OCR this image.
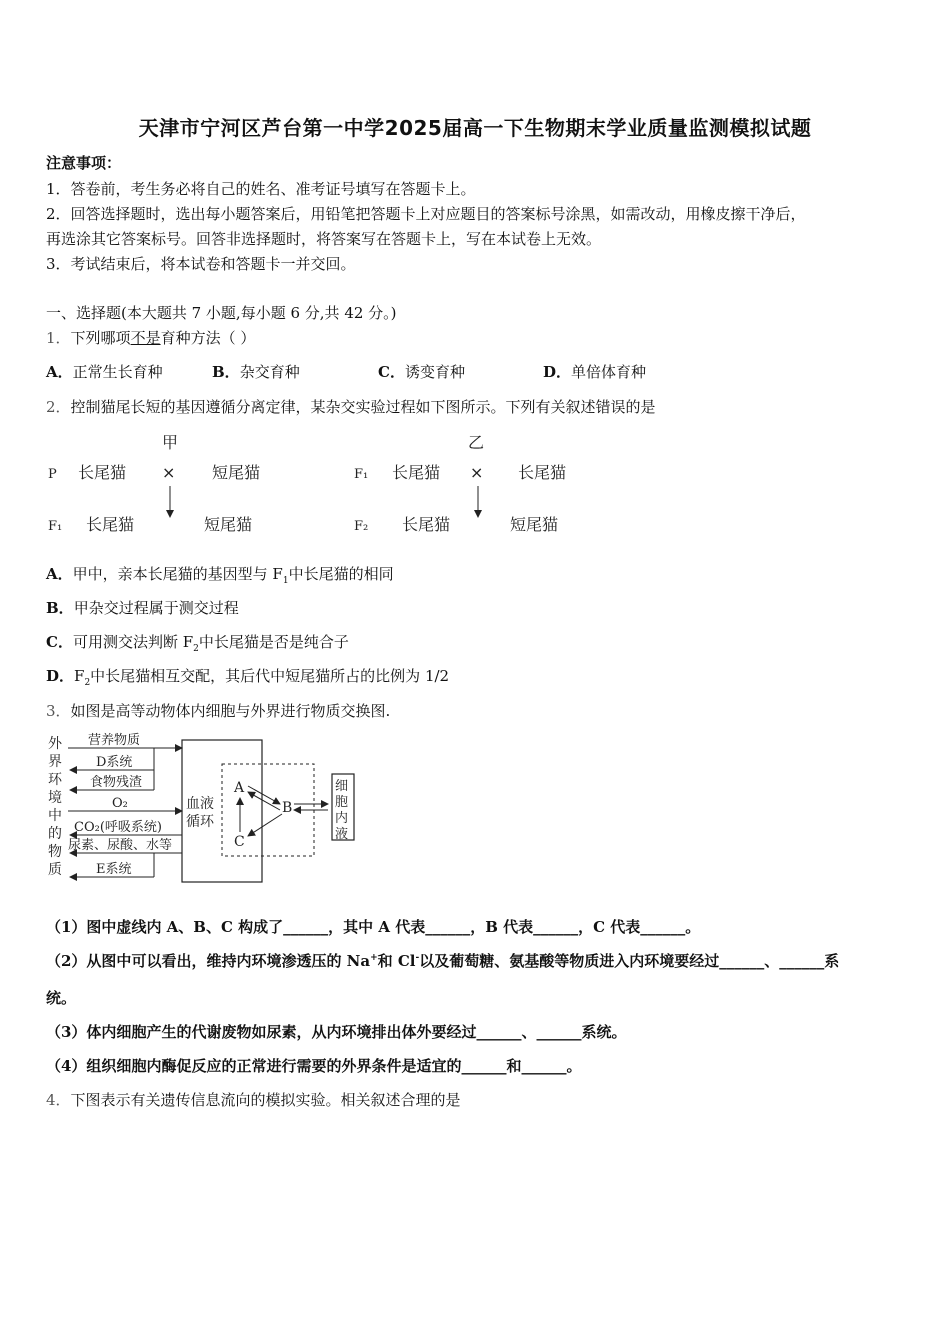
天津市宁河区芦台第一中学2025届高一下生物期末学业质量监测模拟试题
注意事项：
1．答卷前，考生务必将自己的姓名、准考证号填写在答题卡上。
2．回答选择题时，选出每小题答案后，用铅笔把答题卡上对应题目的答案标号涂黑，如需改动，用橡皮擦干净后，
再选涂其它答案标号。回答非选择题时，将答案写在答题卡上，写在本试卷上无效。
3．考试结束后，将本试卷和答题卡一并交回。
一、选择题(本大题共 7 小题,每小题 6 分,共 42 分。)
1．下列哪项不是育种方法（ ）
A．正常生长育种	B．杂交育种	C．诱变育种	D．单倍体育种
2．控制猫尾长短的基因遵循分离定律，某杂交实验过程如下图所示。下列有关叙述错误的是
甲
P 长尾猫 × 短尾猫
F₁ 长尾猫	短尾猫
乙
F₁ 长尾猫 × 长尾猫
F₂ 长尾猫	短尾猫
A．甲中，亲本长尾猫的基因型与 $F_1$中长尾猫的相同
B．甲杂交过程属于测交过程
C．可用测交法判断 $F_2$中长尾猫是否是纯合子
D．$F_2$中长尾猫相互交配，其后代中短尾猫所占的比例为 1/2
3．如图是高等动物体内细胞与外界进行物质交换图.
外
界
环
境
中
的
物
质
营养物质
D系统
食物残渣
O₂
CO₂(呼吸系统)
尿素、尿酸、水等
E系统
血液
循环
A
B
C
细
胞
内
液
（1）图中虚线内 A、B、C 构成了______，其中 A 代表______，B 代表______，C 代表______。
（2）从图中可以看出，维持内环境渗透压的 Na+和 Cl-以及葡萄糖、氨基酸等物质进入内环境要经过______、______系
统。
（3）体内细胞产生的代谢废物如尿素，从内环境排出体外要经过______、______系统。
（4）组织细胞内酶促反应的正常进行需要的外界条件是适宜的______和______。
4．下图表示有关遗传信息流向的模拟实验。相关叙述合理的是
